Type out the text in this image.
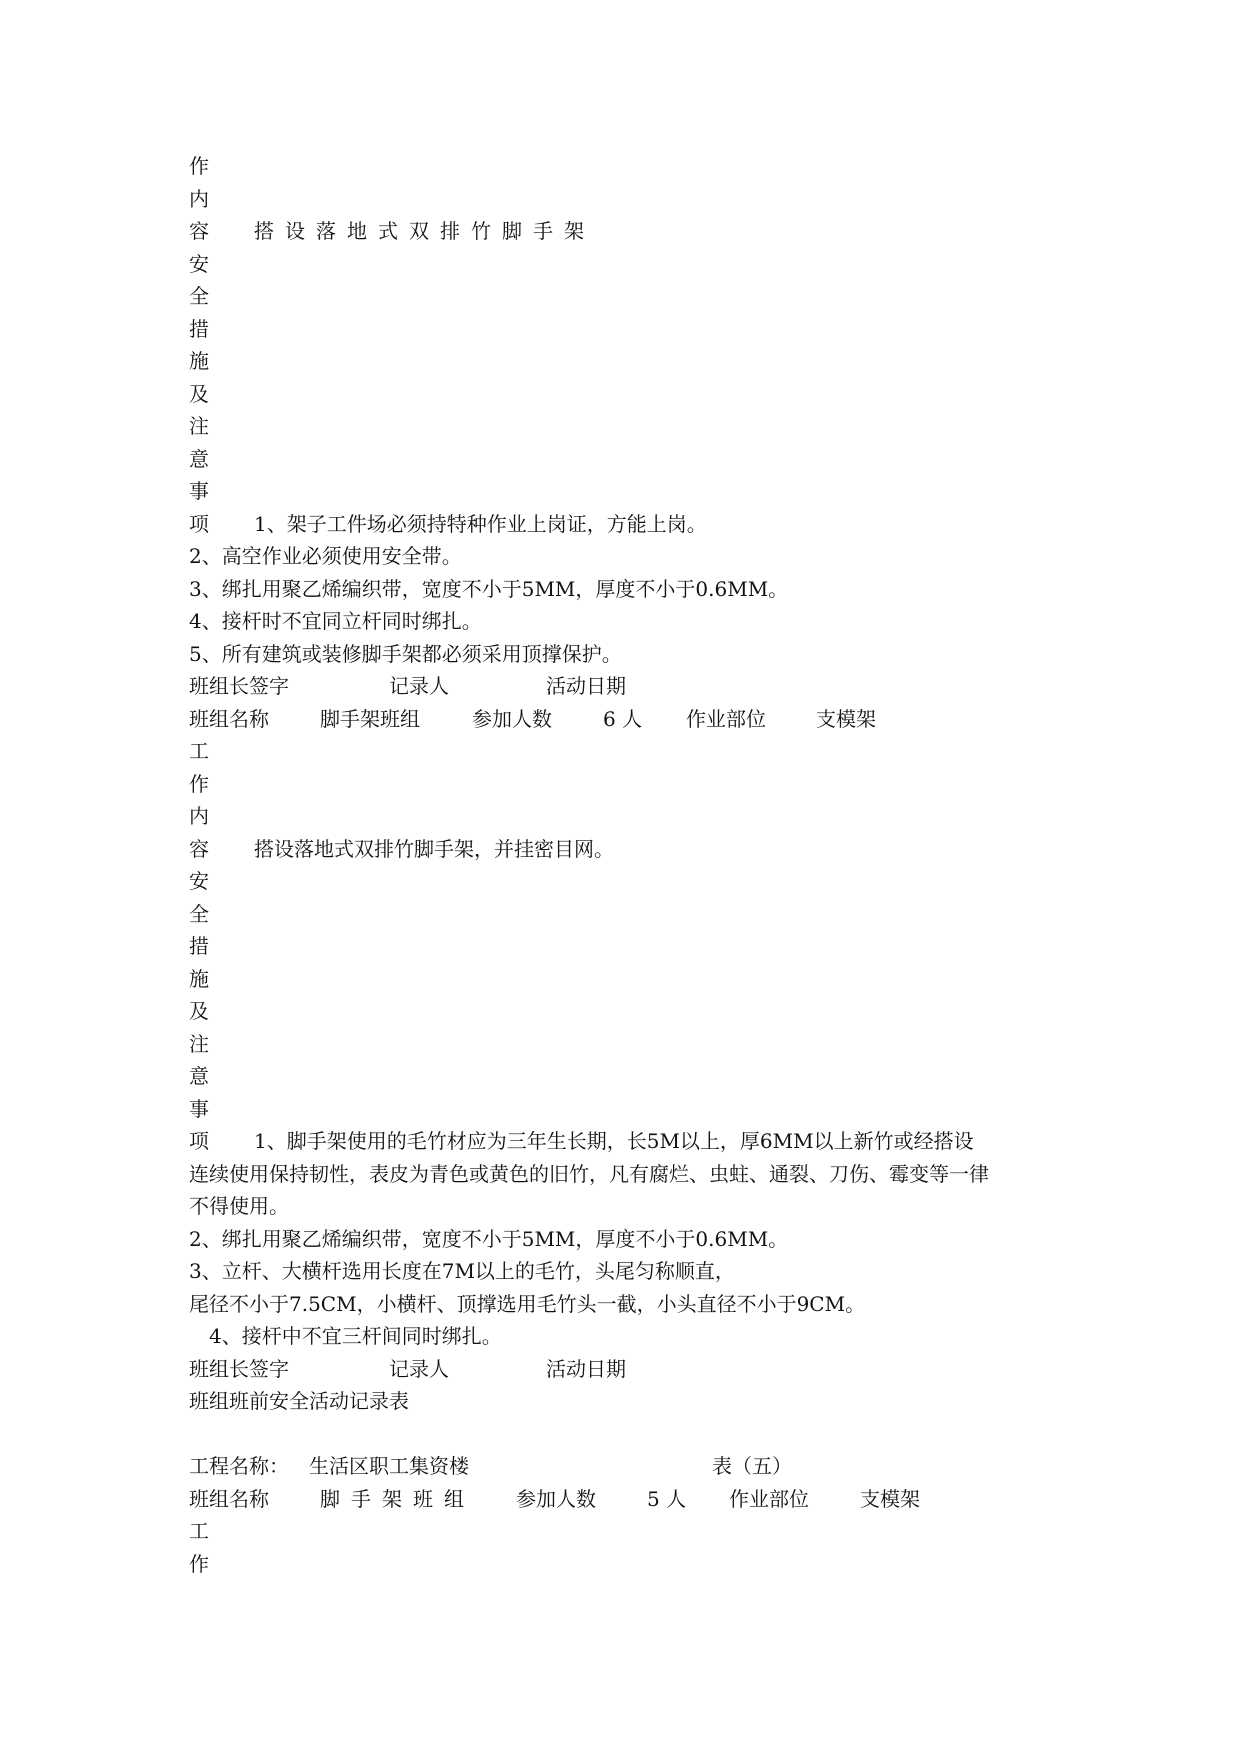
作

内

容 搭设落地式双排竹脚手架

安

全

措

施

及

注

意

事

项 1、架子工件场必须持特种作业上岗证，方能上岗。

2、高空作业必须使用安全带。

3、绑扎用聚乙烯编织带，宽度不小于5MM，厚度不小于0.6MM。

4、接杆时不宜同立杆同时绑扎。

5、所有建筑或装修脚手架都必须采用顶撑保护。

班组长签字	记录人	活动日期

班组名称	脚手架班组	参加人数	6 人 作业部位	支模架

工

作

内

容 搭设落地式双排竹脚手架，并挂密目网。

安

全

措

施

及

注

意

事

项 1、脚手架使用的毛竹材应为三年生长期，长5M以上，厚6MM以上新竹或经搭设

连续使用保持韧性，表皮为青色或黄色的旧竹，凡有腐烂、虫蛀、通裂、刀伤、霉变等一律

不得使用。

2、绑扎用聚乙烯编织带，宽度不小于5MM，厚度不小于0.6MM。

3、立杆、大横杆选用长度在7M以上的毛竹，头尾匀称顺直，

尾径不小于7.5CM，小横杆、顶撑选用毛竹头一截，小头直径不小于9CM。

4、接杆中不宜三杆间同时绑扎。

班组长签字	记录人	活动日期

班组班前安全活动记录表

工程名称： 生活区职工集资楼	表（五）

班组名称	脚手架班组 参加人数	5 人 作业部位	支模架

工

作
